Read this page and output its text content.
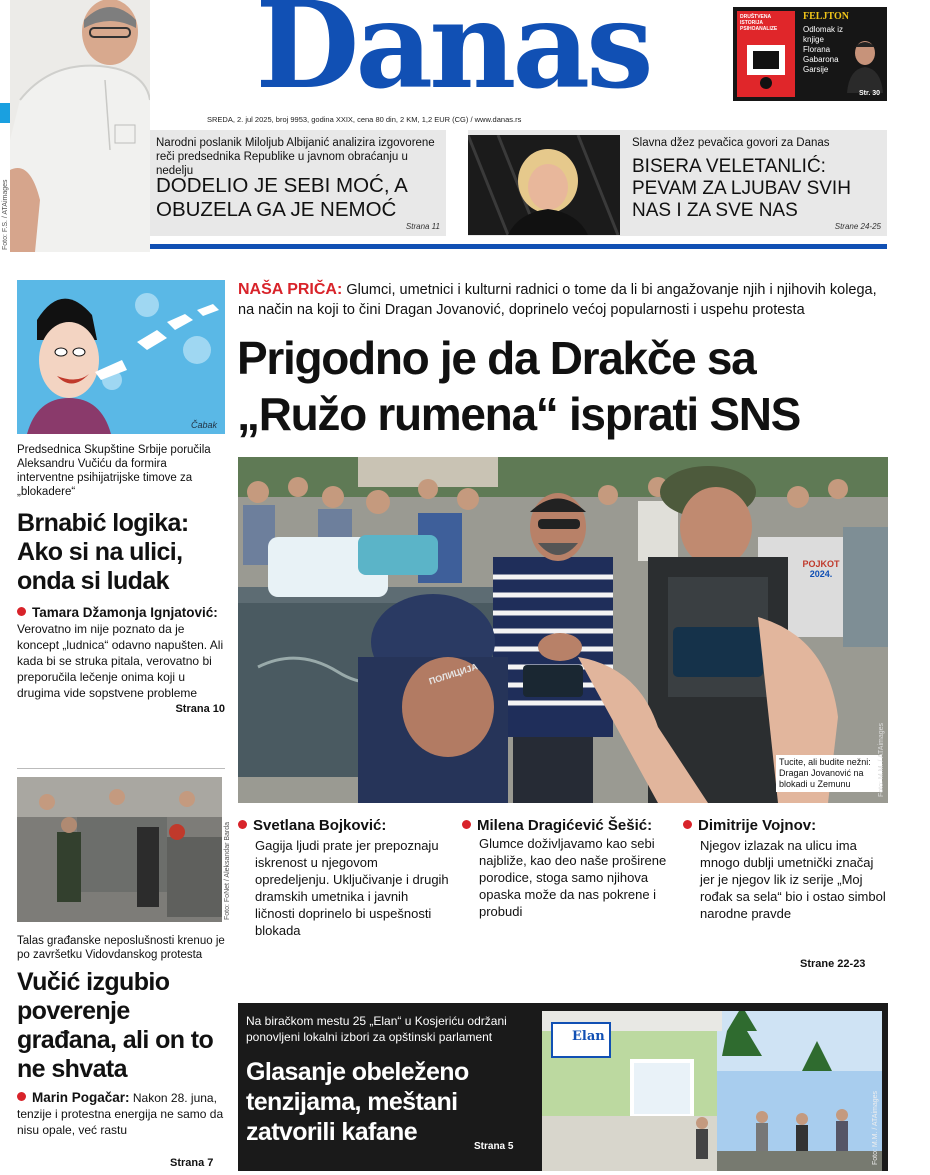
Foto: F.S. / ATAimages
Danas
SREDA, 2. jul 2025, broj 9953, godina XXIX, cena 80 din, 2 KM, 1,2 EUR (CG) / www.danas.rs
DRUŠTVENA ISTORIJA PSIHOANALIZE
FELJTON
Odlomak iz knjige Florana Gabarona Garsije
Str. 30
Narodni poslanik Miloljub Albijanić analizira izgovorene reči predsednika Republike u javnom obraćanju u nedelju
DODELIO JE SEBI MOĆ, A OBUZELA GA JE NEMOĆ
Strana 11
Slavna džez pevačica govori za Danas
BISERA VELETANLIĆ: PEVAM ZA LJUBAV SVIH NAS I ZA SVE NAS
Strane 24-25
Čabak
Predsednica Skupštine Srbije poručila Aleksandru Vučiću da formira interventne psihijatrijske timove za „blokadere“
Brnabić logika: Ako si na ulici, onda si ludak
Tamara Džamonja Ignjatović: Verovatno im nije poznato da je koncept „ludnica“ odavno napušten. Ali kada bi se struka pitala, verovatno bi preporučila lečenje onima koji u drugima vide sopstvene probleme
Strana 10
Foto: FoNet / Aleksandar Barda
Talas građanske neposlušnosti krenuo je po završetku Vidovdanskog protesta
Vučić izgubio poverenje građana, ali on to ne shvata
Marin Pogačar: Nakon 28. juna, tenzije i protestna energija ne samo da nisu opale, već rastu
Strana 7
NAŠA PRIČA: Glumci, umetnici i kulturni radnici o tome da li bi angažovanje njih i njihovih kolega, na način na koji to čini Dragan Jovanović, doprinelo većoj popularnosti i uspehu protesta
Prigodno je da Drakče sa „Ružo rumena“ isprati SNS
POJKOT
2024.
ПОЛИЦИЈА
Tucite, ali budite nežni: Dragan Jovanović na blokadi u Zemunu	Foto: M.M. / ATAimages
Svetlana Bojković:
Gagija ljudi prate jer prepoznaju iskrenost u njegovom opredeljenju. Uključivanje i drugih dramskih umetnika i javnih ličnosti doprinelo bi uspešnosti blokada
Milena Dragićević Šešić:
Glumce doživljavamo kao sebi najbliže, kao deo naše proširene porodice, stoga samo njihova opaska može da nas pokrene i probudi
Dimitrije Vojnov:
Njegov izlazak na ulicu ima mnogo dublji umetnički značaj jer je njegov lik iz serije „Moj rođak sa sela“ bio i ostao simbol narodne pravde
Strane 22-23
Na biračkom mestu 25 „Elan“ u Kosjeriću održani ponovljeni lokalni izbori za opštinski parlament
Glasanje obeleženo tenzijama, meštani zatvorili kafane
Elan
Foto: M.M. / ATAimages
Strana 5
